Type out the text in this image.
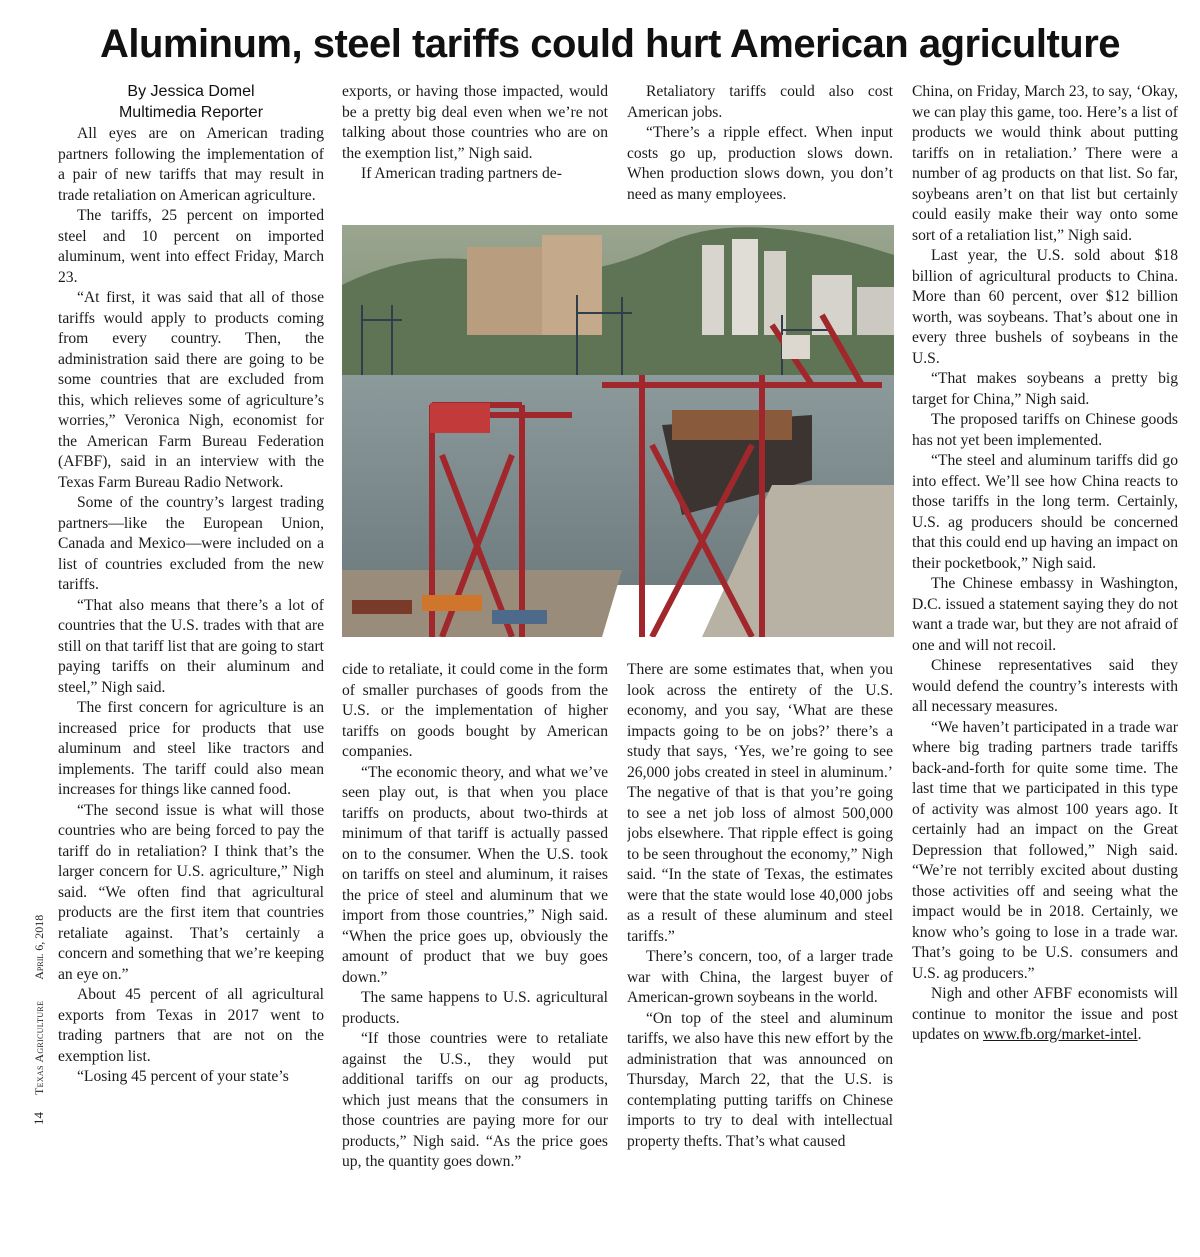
Aluminum, steel tariffs could hurt American agriculture
By Jessica Domel
Multimedia Reporter

All eyes are on American trading partners following the implementation of a pair of new tariffs that may result in trade retaliation on American agriculture.

The tariffs, 25 percent on imported steel and 10 percent on imported aluminum, went into effect Friday, March 23.

“At first, it was said that all of those tariffs would apply to products coming from every country. Then, the administration said there are going to be some countries that are excluded from this, which relieves some of agriculture’s worries,” Veronica Nigh, economist for the American Farm Bureau Federation (AFBF), said in an interview with the Texas Farm Bureau Radio Network.

Some of the country’s largest trading partners—like the European Union, Canada and Mexico—were included on a list of countries excluded from the new tariffs.

“That also means that there’s a lot of countries that the U.S. trades with that are still on that tariff list that are going to start paying tariffs on their aluminum and steel,” Nigh said.

The first concern for agriculture is an increased price for products that use aluminum and steel like tractors and implements. The tariff could also mean increases for things like canned food.

“The second issue is what will those countries who are being forced to pay the tariff do in retaliation? I think that’s the larger concern for U.S. agriculture,” Nigh said. “We often find that agricultural products are the first item that countries retaliate against. That’s certainly a concern and something that we’re keeping an eye on.”

About 45 percent of all agricultural exports from Texas in 2017 went to trading partners that are not on the exemption list.

“Losing 45 percent of your state’s

exports, or having those impacted, would be a pretty big deal even when we’re not talking about those countries who are on the exemption list,” Nigh said.

If American trading partners de-

Retaliatory tariffs could also cost American jobs.

“There’s a ripple effect. When input costs go up, production slows down. When production slows down, you don’t need as many employees.

cide to retaliate, it could come in the form of smaller purchases of goods from the U.S. or the implementation of higher tariffs on goods bought by American companies.

“The economic theory, and what we’ve seen play out, is that when you place tariffs on products, about two-thirds at minimum of that tariff is actually passed on to the consumer. When the U.S. took on tariffs on steel and aluminum, it raises the price of steel and aluminum that we import from those countries,” Nigh said. “When the price goes up, obviously the amount of product that we buy goes down.”

The same happens to U.S. agricultural products.

“If those countries were to retaliate against the U.S., they would put additional tariffs on our ag products, which just means that the consumers in those countries are paying more for our products,” Nigh said. “As the price goes up, the quantity goes down.”

There are some estimates that, when you look across the entirety of the U.S. economy, and you say, ‘What are these impacts going to be on jobs?’ there’s a study that says, ‘Yes, we’re going to see 26,000 jobs created in steel in aluminum.’ The negative of that is that you’re going to see a net job loss of almost 500,000 jobs elsewhere. That ripple effect is going to be seen throughout the economy,” Nigh said. “In the state of Texas, the estimates were that the state would lose 40,000 jobs as a result of these aluminum and steel tariffs.”

There’s concern, too, of a larger trade war with China, the largest buyer of American-grown soybeans in the world.

“On top of the steel and aluminum tariffs, we also have this new effort by the administration that was announced on Thursday, March 22, that the U.S. is contemplating putting tariffs on Chinese imports to try to deal with intellectual property thefts. That’s what caused

China, on Friday, March 23, to say, ‘Okay, we can play this game, too. Here’s a list of products we would think about putting tariffs on in retaliation.’ There were a number of ag products on that list. So far, soybeans aren’t on that list but certainly could easily make their way onto some sort of a retaliation list,” Nigh said.

Last year, the U.S. sold about $18 billion of agricultural products to China. More than 60 percent, over $12 billion worth, was soybeans. That’s about one in every three bushels of soybeans in the U.S.

“That makes soybeans a pretty big target for China,” Nigh said.

The proposed tariffs on Chinese goods has not yet been implemented.

“The steel and aluminum tariffs did go into effect. We’ll see how China reacts to those tariffs in the long term. Certainly, U.S. ag producers should be concerned that this could end up having an impact on their pocketbook,” Nigh said.

The Chinese embassy in Washington, D.C. issued a statement saying they do not want a trade war, but they are not afraid of one and will not recoil.

Chinese representatives said they would defend the country’s interests with all necessary measures.

“We haven’t participated in a trade war where big trading partners trade tariffs back-and-forth for quite some time. The last time that we participated in this type of activity was almost 100 years ago. It certainly had an impact on the Great Depression that followed,” Nigh said. “We’re not terribly excited about dusting those activities off and seeing what the impact would be in 2018. Certainly, we know who’s going to lose in a trade war. That’s going to be U.S. consumers and U.S. ag producers.”

Nigh and other AFBF economists will continue to monitor the issue and post updates on www.fb.org/market-intel.

14 Texas Agriculture April 6, 2018
